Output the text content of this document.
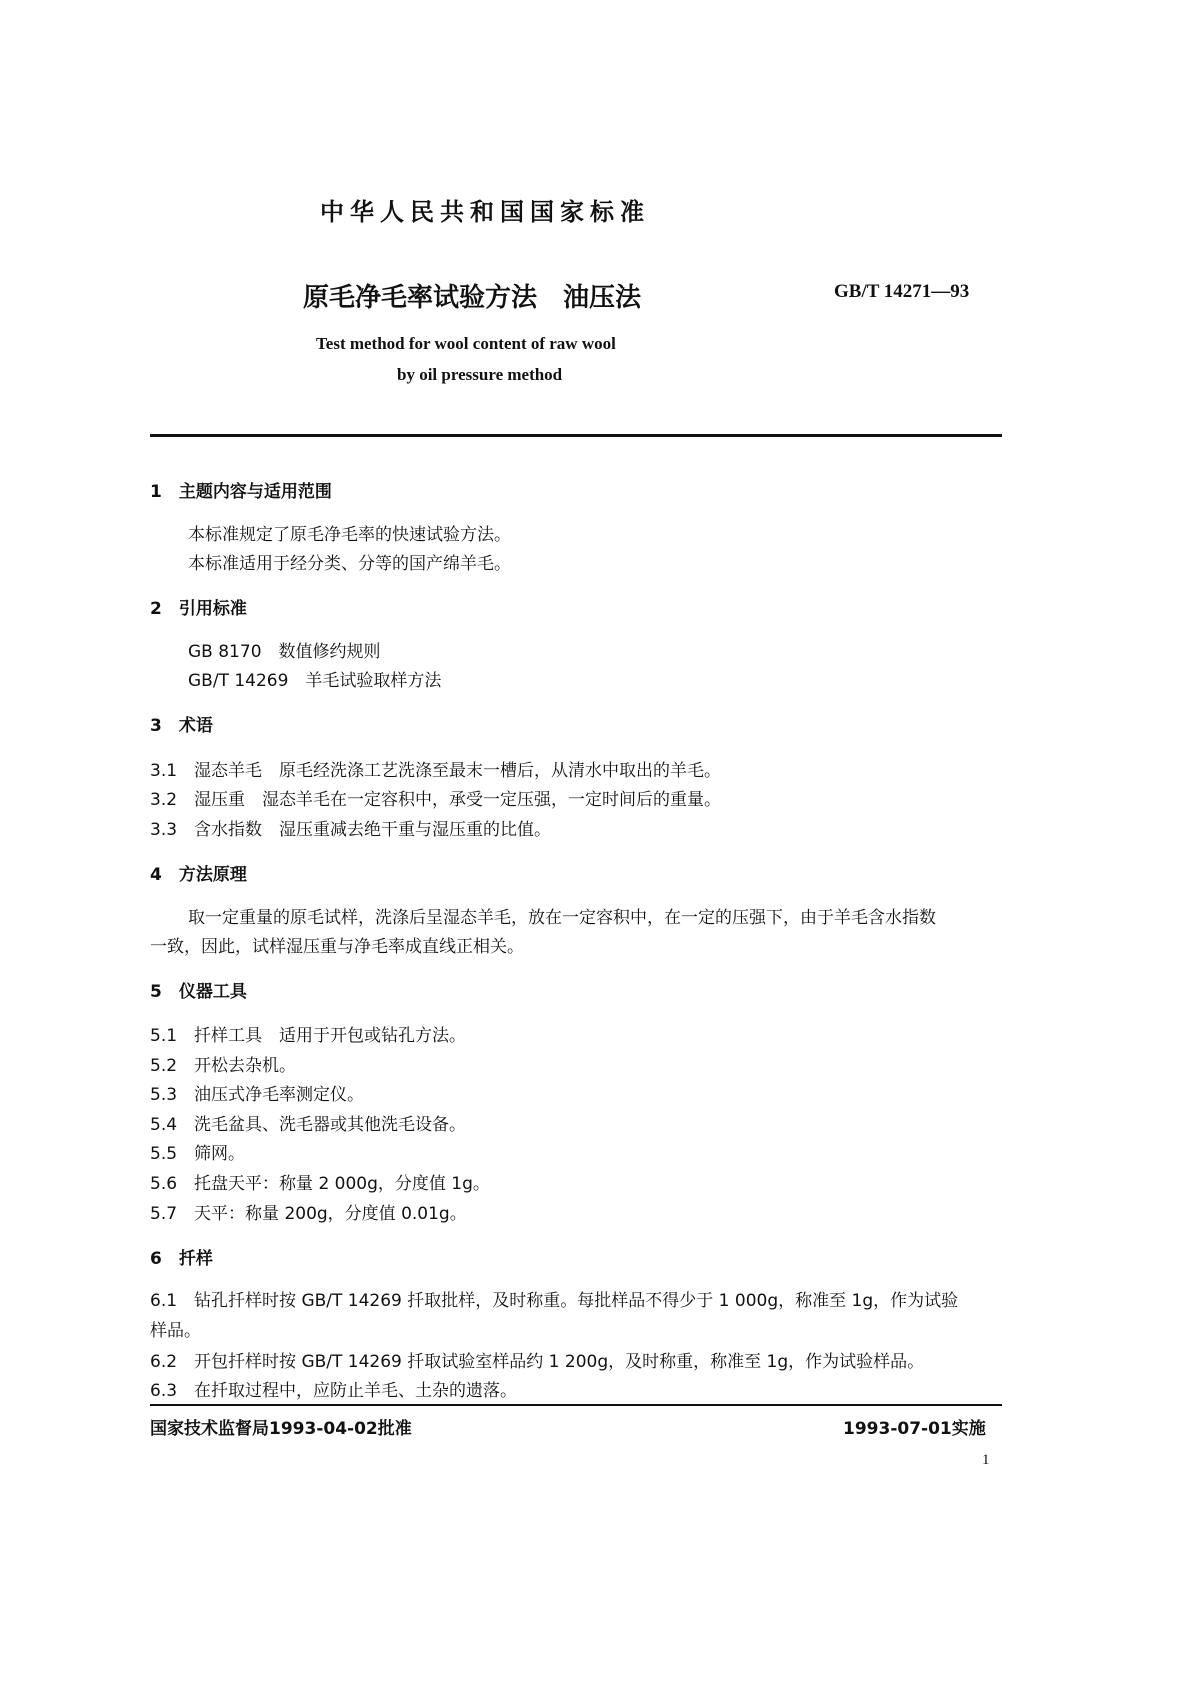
中华人民共和国国家标准
原毛净毛率试验方法　油压法	GB/T 14271—93
Test method for wool content of raw wool
by oil pressure method
1　主题内容与适用范围
本标准规定了原毛净毛率的快速试验方法。
本标准适用于经分类、分等的国产绵羊毛。
2　引用标准
GB 8170　数值修约规则
GB/T 14269　羊毛试验取样方法
3　术语
3.1　湿态羊毛　原毛经洗涤工艺洗涤至最末一槽后，从清水中取出的羊毛。
3.2　湿压重　湿态羊毛在一定容积中，承受一定压强，一定时间后的重量。
3.3　含水指数　湿压重减去绝干重与湿压重的比值。
4　方法原理
取一定重量的原毛试样，洗涤后呈湿态羊毛，放在一定容积中，在一定的压强下，由于羊毛含水指数
一致，因此，试样湿压重与净毛率成直线正相关。
5　仪器工具
5.1　扦样工具　适用于开包或钻孔方法。
5.2　开松去杂机。
5.3　油压式净毛率测定仪。
5.4　洗毛盆具、洗毛器或其他洗毛设备。
5.5　筛网。
5.6　托盘天平：称量 2 000g，分度值 1g。
5.7　天平：称量 200g，分度值 0.01g。
6　扦样
6.1　钻孔扦样时按 GB/T 14269 扦取批样，及时称重。每批样品不得少于 1 000g，称准至 1g，作为试验
样品。
6.2　开包扦样时按 GB/T 14269 扦取试验室样品约 1 200g，及时称重，称准至 1g，作为试验样品。
6.3　在扦取过程中，应防止羊毛、土杂的遗落。
国家技术监督局1993-04-02批准	1993-07-01实施
1
